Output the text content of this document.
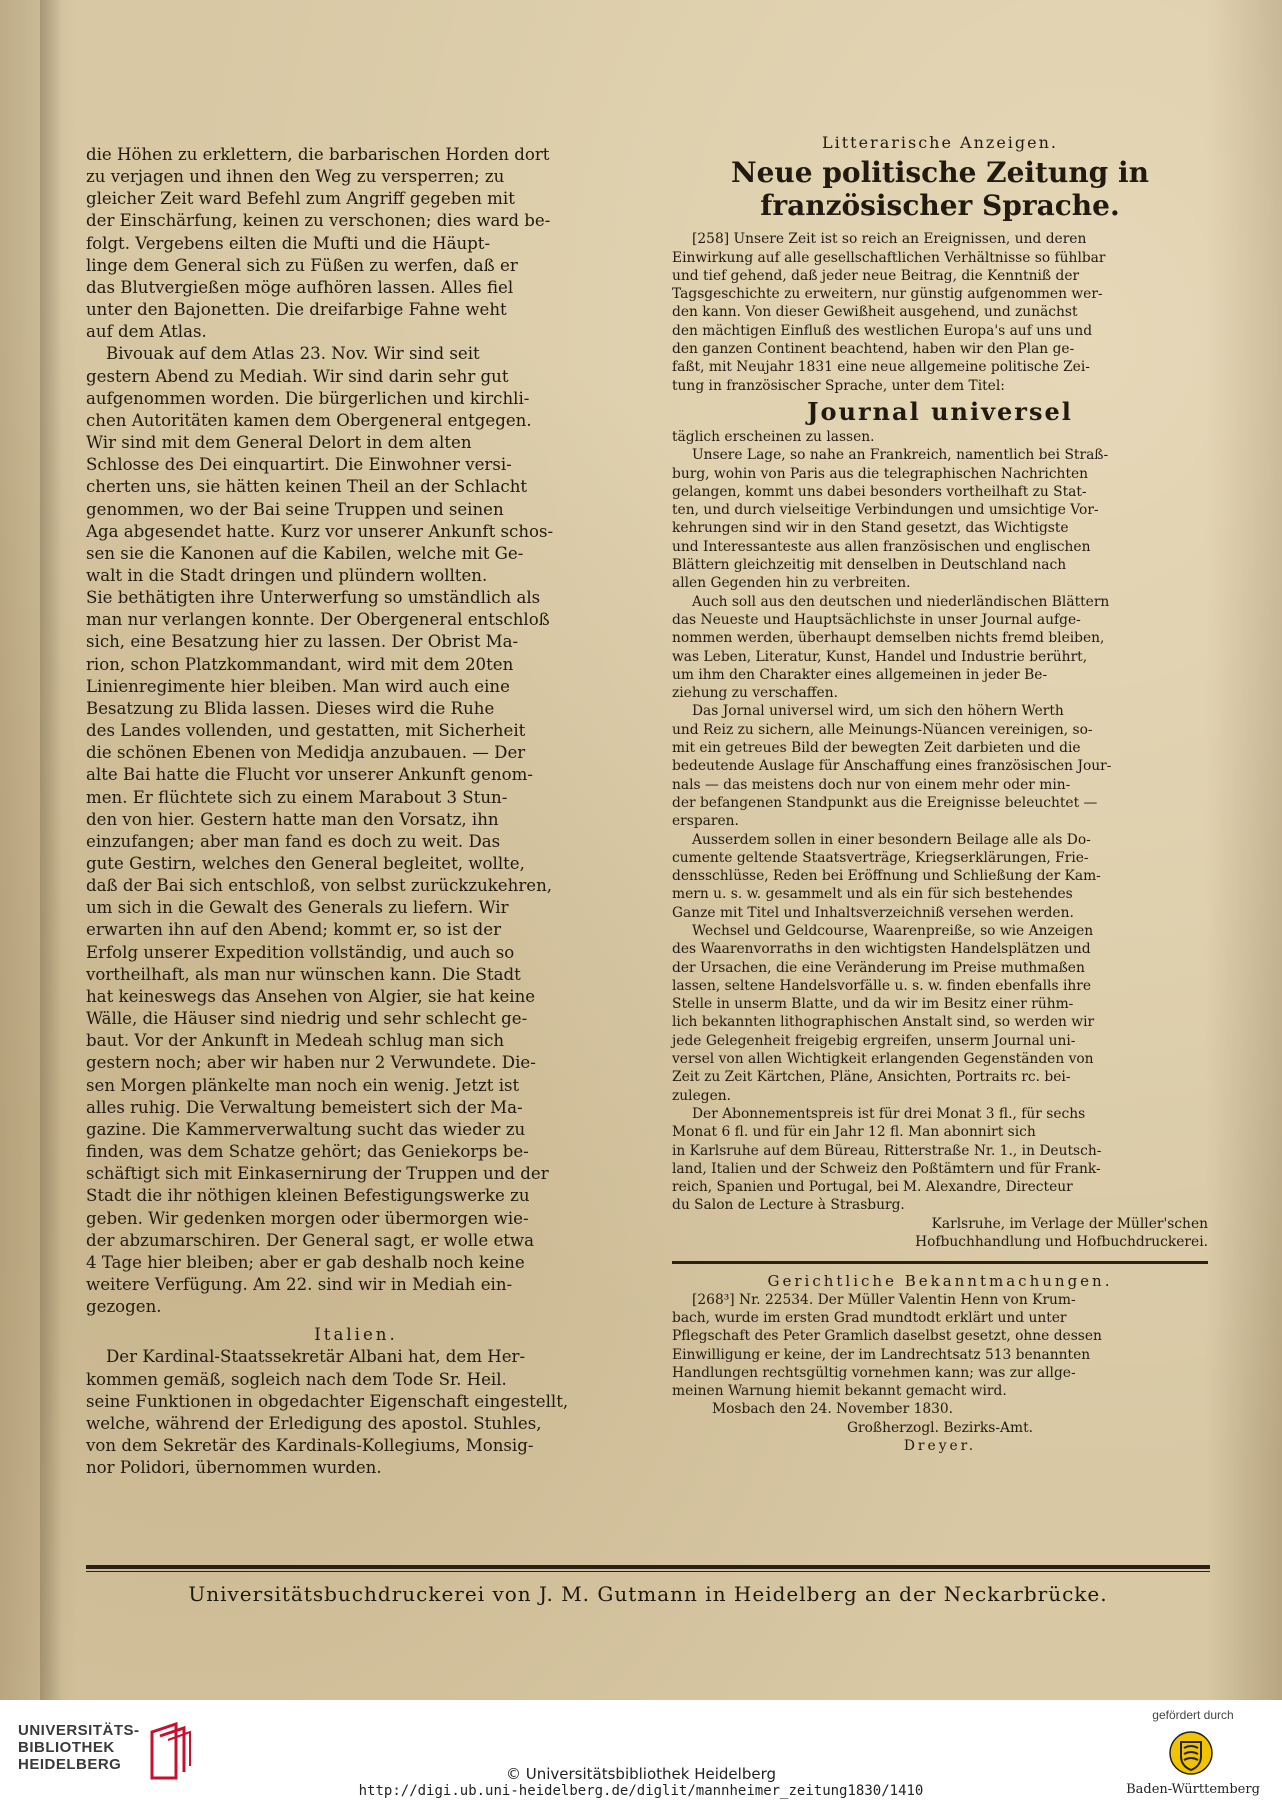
die Höhen zu erklettern, die barbarischen Horden dort
zu verjagen und ihnen den Weg zu versperren; zu
gleicher Zeit ward Befehl zum Angriff gegeben mit
der Einschärfung, keinen zu verschonen; dies ward be-
folgt. Vergebens eilten die Mufti und die Häupt-
linge dem General sich zu Füßen zu werfen, daß er
das Blutvergießen möge aufhören lassen. Alles fiel
unter den Bajonetten. Die dreifarbige Fahne weht
auf dem Atlas.

Bivouak auf dem Atlas 23. Nov. Wir sind seit
gestern Abend zu Mediah. Wir sind darin sehr gut
aufgenommen worden. Die bürgerlichen und kirchli-
chen Autoritäten kamen dem Obergeneral entgegen.
Wir sind mit dem General Delort in dem alten
Schlosse des Dei einquartirt. Die Einwohner versi-
cherten uns, sie hätten keinen Theil an der Schlacht
genommen, wo der Bai seine Truppen und seinen
Aga abgesendet hatte. Kurz vor unserer Ankunft schos-
sen sie die Kanonen auf die Kabilen, welche mit Ge-
walt in die Stadt dringen und plündern wollten.
Sie bethätigten ihre Unterwerfung so umständlich als
man nur verlangen konnte. Der Obergeneral entschloß
sich, eine Besatzung hier zu lassen. Der Obrist Ma-
rion, schon Platzkommandant, wird mit dem 20ten
Linienregimente hier bleiben. Man wird auch eine
Besatzung zu Blida lassen. Dieses wird die Ruhe
des Landes vollenden, und gestatten, mit Sicherheit
die schönen Ebenen von Medidja anzubauen. — Der
alte Bai hatte die Flucht vor unserer Ankunft genom-
men. Er flüchtete sich zu einem Marabout 3 Stun-
den von hier. Gestern hatte man den Vorsatz, ihn
einzufangen; aber man fand es doch zu weit. Das
gute Gestirn, welches den General begleitet, wollte,
daß der Bai sich entschloß, von selbst zurückzukehren,
um sich in die Gewalt des Generals zu liefern. Wir
erwarten ihn auf den Abend; kommt er, so ist der
Erfolg unserer Expedition vollständig, und auch so
vortheilhaft, als man nur wünschen kann. Die Stadt
hat keineswegs das Ansehen von Algier, sie hat keine
Wälle, die Häuser sind niedrig und sehr schlecht ge-
baut. Vor der Ankunft in Medeah schlug man sich
gestern noch; aber wir haben nur 2 Verwundete. Die-
sen Morgen plänkelte man noch ein wenig. Jetzt ist
alles ruhig. Die Verwaltung bemeistert sich der Ma-
gazine. Die Kammerverwaltung sucht das wieder zu
finden, was dem Schatze gehört; das Geniekorps be-
schäftigt sich mit Einkasernirung der Truppen und der
Stadt die ihr nöthigen kleinen Befestigungswerke zu
geben. Wir gedenken morgen oder übermorgen wie-
der abzumarschiren. Der General sagt, er wolle etwa
4 Tage hier bleiben; aber er gab deshalb noch keine
weitere Verfügung. Am 22. sind wir in Mediah ein-
gezogen.

Italien.

Der Kardinal-Staatssekretär Albani hat, dem Her-
kommen gemäß, sogleich nach dem Tode Sr. Heil.
seine Funktionen in obgedachter Eigenschaft eingestellt,
welche, während der Erledigung des apostol. Stuhles,
von dem Sekretär des Kardinals-Kollegiums, Monsig-
nor Polidori, übernommen wurden.

Litterarische Anzeigen.

Neue politische Zeitung in französischer Sprache.

[258] Unsere Zeit ist so reich an Ereignissen, und deren
Einwirkung auf alle gesellschaftlichen Verhältnisse so fühlbar
und tief gehend, daß jeder neue Beitrag, die Kenntniß der
Tagsgeschichte zu erweitern, nur günstig aufgenommen wer-
den kann. Von dieser Gewißheit ausgehend, und zunächst
den mächtigen Einfluß des westlichen Europa's auf uns und
den ganzen Continent beachtend, haben wir den Plan ge-
faßt, mit Neujahr 1831 eine neue allgemeine politische Zei-
tung in französischer Sprache, unter dem Titel:

Journal universel

täglich erscheinen zu lassen.

Unsere Lage, so nahe an Frankreich, namentlich bei Straß-
burg, wohin von Paris aus die telegraphischen Nachrichten
gelangen, kommt uns dabei besonders vortheilhaft zu Stat-
ten, und durch vielseitige Verbindungen und umsichtige Vor-
kehrungen sind wir in den Stand gesetzt, das Wichtigste
und Interessanteste aus allen französischen und englischen
Blättern gleichzeitig mit denselben in Deutschland nach
allen Gegenden hin zu verbreiten.

Auch soll aus den deutschen und niederländischen Blättern
das Neueste und Hauptsächlichste in unser Journal aufge-
nommen werden, überhaupt demselben nichts fremd bleiben,
was Leben, Literatur, Kunst, Handel und Industrie berührt,
um ihm den Charakter eines allgemeinen in jeder Be-
ziehung zu verschaffen.

Das Jornal universel wird, um sich den höhern Werth
und Reiz zu sichern, alle Meinungs-Nüancen vereinigen, so-
mit ein getreues Bild der bewegten Zeit darbieten und die
bedeutende Auslage für Anschaffung eines französischen Jour-
nals — das meistens doch nur von einem mehr oder min-
der befangenen Standpunkt aus die Ereignisse beleuchtet —
ersparen.

Ausserdem sollen in einer besondern Beilage alle als Do-
cumente geltende Staatsverträge, Kriegserklärungen, Frie-
densschlüsse, Reden bei Eröffnung und Schließung der Kam-
mern u. s. w. gesammelt und als ein für sich bestehendes
Ganze mit Titel und Inhaltsverzeichniß versehen werden.

Wechsel und Geldcourse, Waarenpreiße, so wie Anzeigen
des Waarenvorraths in den wichtigsten Handelsplätzen und
der Ursachen, die eine Veränderung im Preise muthmaßen
lassen, seltene Handelsvorfälle u. s. w. finden ebenfalls ihre
Stelle in unserm Blatte, und da wir im Besitz einer rühm-
lich bekannten lithographischen Anstalt sind, so werden wir
jede Gelegenheit freigebig ergreifen, unserm Journal uni-
versel von allen Wichtigkeit erlangenden Gegenständen von
Zeit zu Zeit Kärtchen, Pläne, Ansichten, Portraits rc. bei-
zulegen.

Der Abonnementspreis ist für drei Monat 3 fl., für sechs
Monat 6 fl. und für ein Jahr 12 fl. Man abonnirt sich
in Karlsruhe auf dem Büreau, Ritterstraße Nr. 1., in Deutsch-
land, Italien und der Schweiz den Poßtämtern und für Frank-
reich, Spanien und Portugal, bei M. Alexandre, Directeur
du Salon de Lecture à Strasburg.

Karlsruhe, im Verlage der Müller'schen
Hofbuchhandlung und Hofbuchdruckerei.

Gerichtliche Bekanntmachungen.

[268³] Nr. 22534. Der Müller Valentin Henn von Krum-
bach, wurde im ersten Grad mundtodt erklärt und unter
Pflegschaft des Peter Gramlich daselbst gesetzt, ohne dessen
Einwilligung er keine, der im Landrechtsatz 513 benannten
Handlungen rechtsgültig vornehmen kann; was zur allge-
meinen Warnung hiemit bekannt gemacht wird.

Mosbach den 24. November 1830.

Großherzogl. Bezirks-Amt.

Dreyer.

Universitätsbuchdruckerei von J. M. Gutmann in Heidelberg an der Neckarbrücke.
UNIVERSITÄTS-
BIBLIOTHEK
HEIDELBERG
gefördert durch
Baden-Württemberg
© Universitätsbibliothek Heidelberg
http://digi.ub.uni-heidelberg.de/diglit/mannheimer_zeitung1830/1410
